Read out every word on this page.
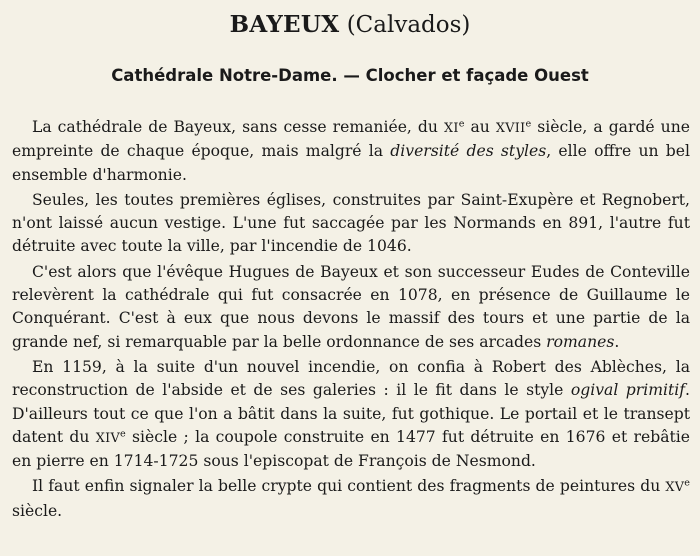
BAYEUX (Calvados)
Cathédrale Notre-Dame. — Clocher et façade Ouest

La cathédrale de Bayeux, sans cesse remaniée, du XIe au XVIIe siècle, a gardé une empreinte de chaque époque, mais malgré la diversité des styles, elle offre un bel ensemble d'harmonie.

Seules, les toutes premières églises, construites par Saint-Exupère et Regnobert, n'ont laissé aucun vestige. L'une fut saccagée par les Normands en 891, l'autre fut détruite avec toute la ville, par l'incendie de 1046.

C'est alors que l'évêque Hugues de Bayeux et son successeur Eudes de Conteville relevèrent la cathédrale qui fut consacrée en 1078, en présence de Guillaume le Conquérant. C'est à eux que nous devons le massif des tours et une partie de la grande nef, si remarquable par la belle ordonnance de ses arcades romanes.

En 1159, à la suite d'un nouvel incendie, on confia à Robert des Ablèches, la reconstruction de l'abside et de ses galeries : il le fit dans le style ogival primitif. D'ailleurs tout ce que l'on a bâtit dans la suite, fut gothique. Le portail et le transept datent du XIVe siècle ; la coupole construite en 1477 fut détruite en 1676 et rebâtie en pierre en 1714-1725 sous l'episcopat de François de Nesmond.

Il faut enfin signaler la belle crypte qui contient des fragments de peintures du XVe siècle.
